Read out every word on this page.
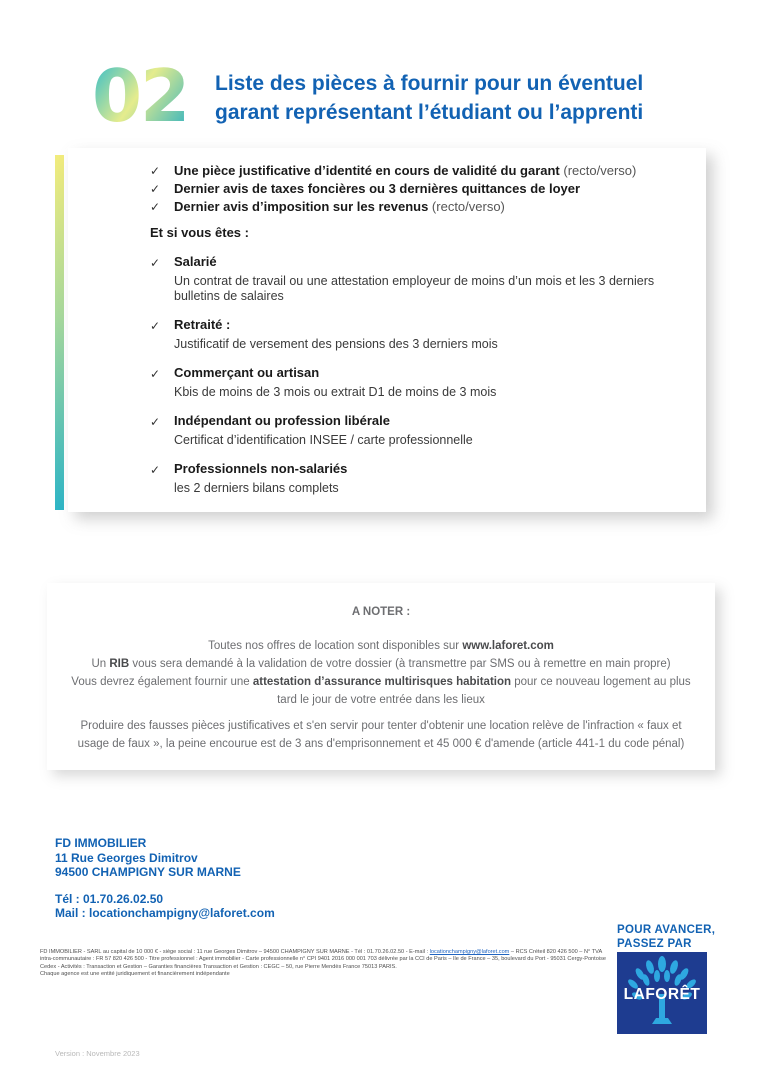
02 Liste des pièces à fournir pour un éventuel
garant représentant l’étudiant ou l’apprenti
✓	Une pièce justificative d’identité en cours de validité du garant (recto/verso)

✓	Dernier avis de taxes foncières ou 3 dernières quittances de loyer

✓	Dernier avis d’imposition sur les revenus (recto/verso)

Et si vous êtes :

✓	Salarié

Un contrat de travail ou une attestation employeur de moins d’un mois et les 3 derniers bulletins de salaires

✓	Retraité :

Justificatif de versement des pensions des 3 derniers mois

✓	Commerçant ou artisan

Kbis de moins de 3 mois ou extrait D1 de moins de 3 mois

✓	Indépendant ou profession libérale

Certificat d’identification INSEE / carte professionnelle

✓	Professionnels non-salariés

les 2 derniers bilans complets

A NOTER :

Toutes nos offres de location sont disponibles sur www.laforet.com

Un RIB vous sera demandé à la validation de votre dossier (à transmettre par SMS ou à remettre en main propre)

Vous devrez également fournir une attestation d’assurance multirisques habitation pour ce nouveau logement au plus tard le jour de votre entrée dans les lieux

Produire des fausses pièces justificatives et s'en servir pour tenter d'obtenir une location relève de l'infraction « faux et usage de faux », la peine encourue est de 3 ans d'emprisonnement et 45 000 € d'amende (article 441-1 du code pénal)

FD IMMOBILIER
11 Rue Georges Dimitrov
94500 CHAMPIGNY SUR MARNE
Tél : 01.70.26.02.50
Mail : locationchampigny@laforet.com
POUR AVANCER,
PASSEZ PAR
LAFORÊT
FD IMMOBILIER - SARL au capital de 10 000 € - siège social : 11 rue Georges Dimitrov – 94500 CHAMPIGNY SUR MARNE - Tél : 01.70.26.02.50 - E-mail : locationchampigny@laforet.com – RCS Créteil 820 426 500 – N° TVA intra-communautaire : FR 57 820 426 500 - Titre professionnel : Agent immobilier - Carte professionnelle n° CPI 9401 2016 000 001 703 délivrée par la CCI de Paris – Ile de France – 35, boulevard du Port - 95031 Cergy-Pontoise Cedex - Activités : Transaction et Gestion – Garanties financières Transaction et Gestion : CEGC – 50, rue Pierre Mendès France 75013 PARIS.
Chaque agence est une entité juridiquement et financièrement indépendante
Version : Novembre 2023
